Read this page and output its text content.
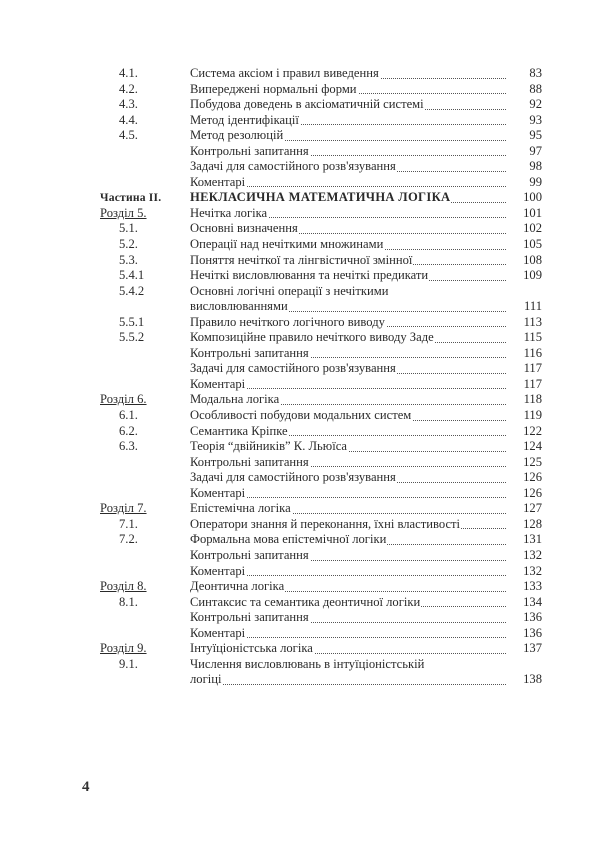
4.1.	Система аксіом і правил виведення	83
4.2.	Випереджені нормальні форми	88
4.3.	Побудова доведень в аксіоматичній системі	92
4.4.	Метод ідентифікації	93
4.5.	Метод резолюцій	95
Контрольні запитання	97
Задачі для самостійного розв'язування	98
Коментарі	99
Частина ІІ.	НЕКЛАСИЧНА МАТЕМАТИЧНА ЛОГІКА	100
Розділ 5.	Нечітка логіка	101
5.1.	Основні визначення	102
5.2.	Операції над нечіткими множинами	105
5.3.	Поняття нечіткої та лінгвістичної змінної	108
5.4.1	Нечіткі висловлювання та нечіткі предикати	109
5.4.2	Основні логічні операції з нечіткими
висловлюваннями	111
5.5.1	Правило нечіткого логічного виводу	113
5.5.2	Композиційне правило нечіткого виводу Заде	115
Контрольні запитання	116
Задачі для самостійного розв'язування	117
Коментарі	117
Розділ 6.	Модальна логіка	118
6.1.	Особливості побудови модальних систем	119
6.2.	Семантика Кріпке	122
6.3.	Теорія “двійників” К. Льюїса	124
Контрольні запитання	125
Задачі для самостійного розв'язування	126
Коментарі	126
Розділ 7.	Епістемічна логіка	127
7.1.	Оператори знання й переконання, їхні властивості	128
7.2.	Формальна мова епістемічної логіки	131
Контрольні запитання	132
Коментарі	132
Розділ 8.	Деонтична логіка	133
8.1.	Синтаксис та семантика деонтичної логіки	134
Контрольні запитання	136
Коментарі	136
Розділ 9.	Інтуїціоністська логіка	137
9.1.	Числення висловлювань в інтуїціоністській
логіці	138
4
